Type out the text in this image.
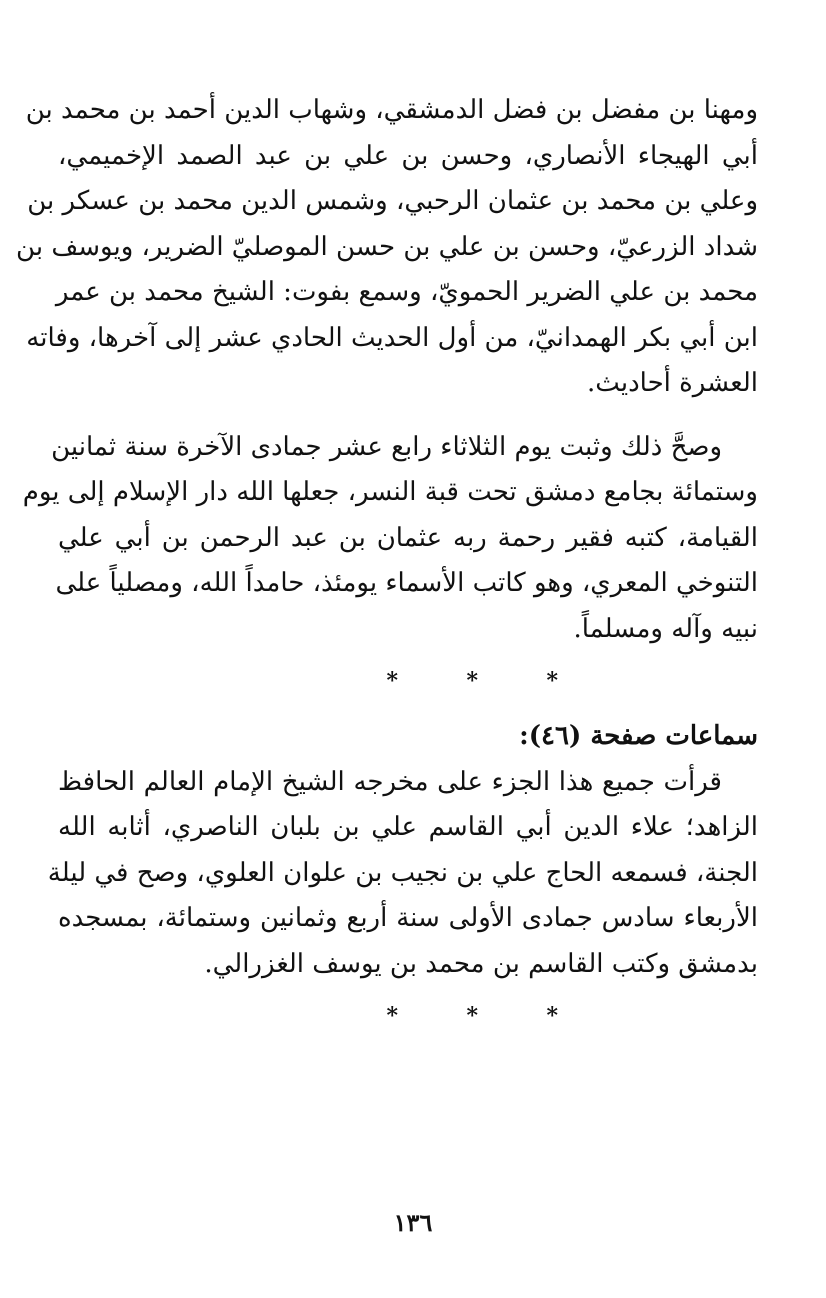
ومهنا بن مفضل بن فضل الدمشقي، وشهاب الدين أحمد بن محمد بن
أبي الهيجاء الأنصاري، وحسن بن علي بن عبد الصمد الإخميمي،
وعلي بن محمد بن عثمان الرحبي، وشمس الدين محمد بن عسكر بن
شداد الزرعيّ، وحسن بن علي بن حسن الموصليّ الضرير، ويوسف بن
محمد بن علي الضرير الحمويّ، وسمع بفوت: الشيخ محمد بن عمر
ابن أبي بكر الهمدانيّ، من أول الحديث الحادي عشر إلى آخرها، وفاته
العشرة أحاديث.

وصحَّ ذلك وثبت يوم الثلاثاء رابع عشر جمادى الآخرة سنة ثمانين
وستمائة بجامع دمشق تحت قبة النسر، جعلها الله دار الإسلام إلى يوم
القيامة، كتبه فقير رحمة ربه عثمان بن عبد الرحمن بن أبي علي
التنوخي المعري، وهو كاتب الأسماء يومئذ، حامداً الله، ومصلياً على
نبيه وآله ومسلماً.

*	*	*

سماعات صفحة (٤٦):

قرأت جميع هذا الجزء على مخرجه الشيخ الإمام العالم الحافظ
الزاهد؛ علاء الدين أبي القاسم علي بن بلبان الناصري، أثابه الله
الجنة، فسمعه الحاج علي بن نجيب بن علوان العلوي، وصح في ليلة
الأربعاء سادس جمادى الأولى سنة أربع وثمانين وستمائة، بمسجده
بدمشق وكتب القاسم بن محمد بن يوسف الغزرالي.

*	*	*
١٣٦
